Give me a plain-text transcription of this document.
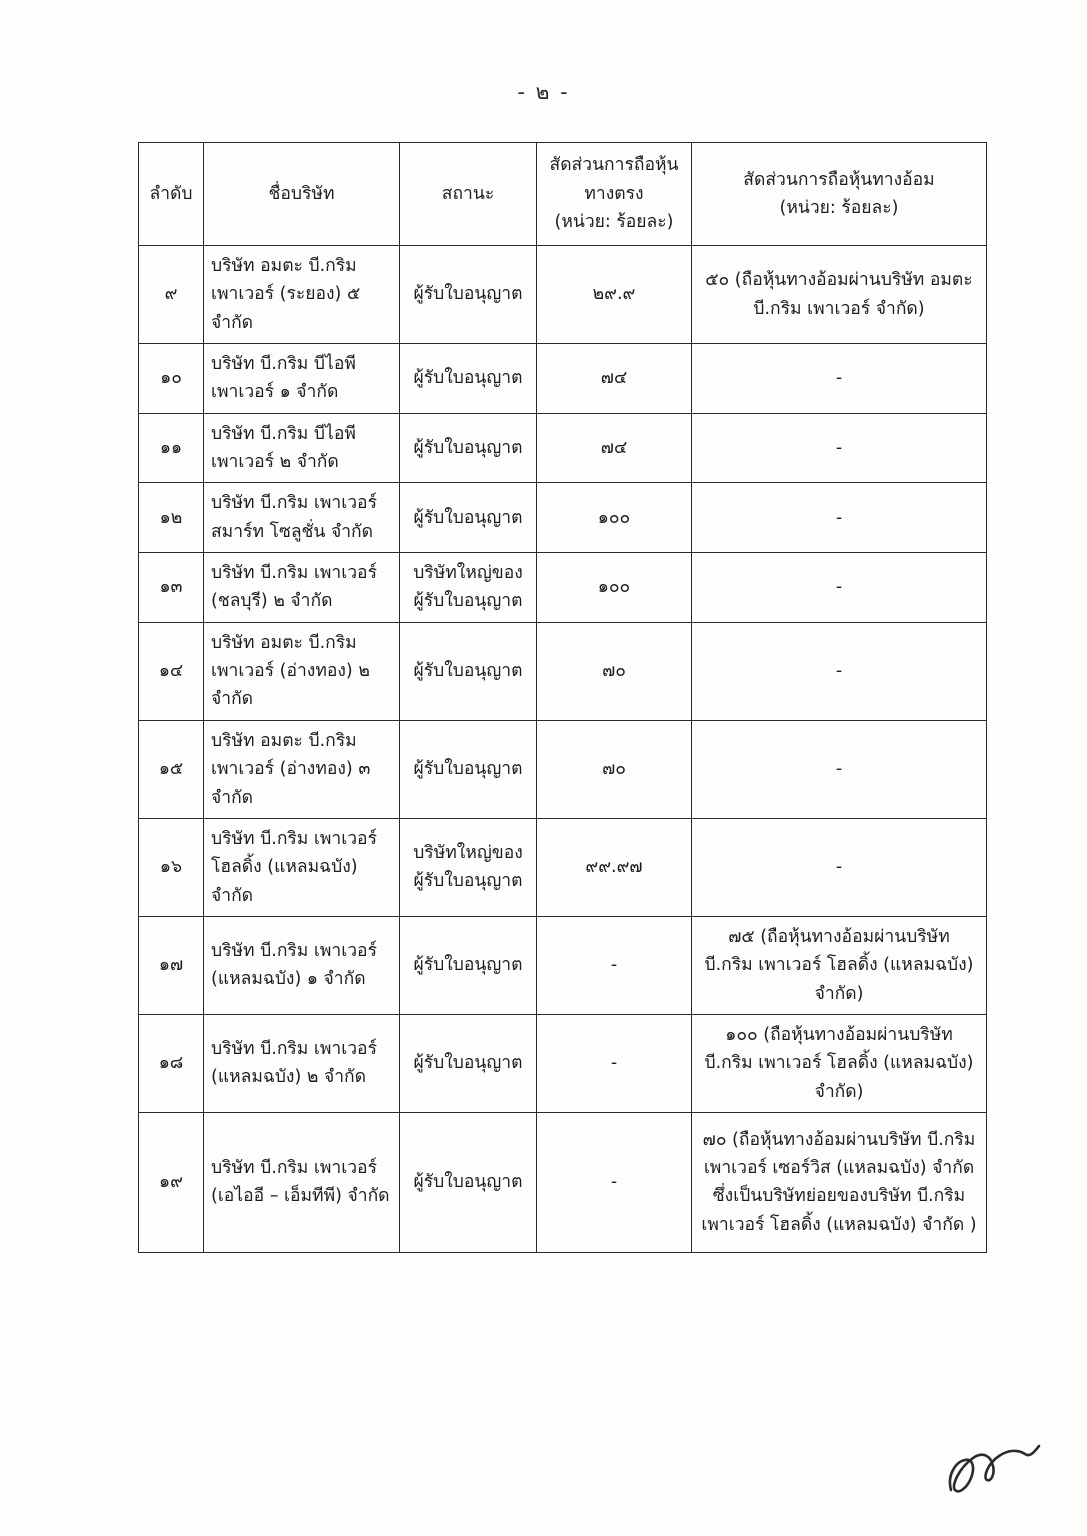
- ๒ -
ลำดับ	ชื่อบริษัท	สถานะ	สัดส่วนการถือหุ้น
ทางตรง
(หน่วย: ร้อยละ)	สัดส่วนการถือหุ้นทางอ้อม
(หน่วย: ร้อยละ)

๙	บริษัท อมตะ บี.กริม
เพาเวอร์ (ระยอง) ๕
จำกัด	ผู้รับใบอนุญาต	๒๙.๙	๕๐ (ถือหุ้นทางอ้อมผ่านบริษัท อมตะ
บี.กริม เพาเวอร์ จำกัด)

๑๐	บริษัท บี.กริม บีไอพี
เพาเวอร์ ๑ จำกัด	ผู้รับใบอนุญาต	๗๔	-

๑๑	บริษัท บี.กริม บีไอพี
เพาเวอร์ ๒ จำกัด	ผู้รับใบอนุญาต	๗๔	-

๑๒	บริษัท บี.กริม เพาเวอร์
สมาร์ท โซลูชั่น จำกัด	ผู้รับใบอนุญาต	๑๐๐	-

๑๓	บริษัท บี.กริม เพาเวอร์
(ชลบุรี) ๒ จำกัด	บริษัทใหญ่ของ
ผู้รับใบอนุญาต	๑๐๐	-

๑๔	บริษัท อมตะ บี.กริม
เพาเวอร์ (อ่างทอง) ๒
จำกัด	ผู้รับใบอนุญาต	๗๐	-

๑๕	บริษัท อมตะ บี.กริม
เพาเวอร์ (อ่างทอง) ๓
จำกัด	ผู้รับใบอนุญาต	๗๐	-

๑๖	บริษัท บี.กริม เพาเวอร์
โฮลดิ้ง (แหลมฉบัง)
จำกัด	บริษัทใหญ่ของ
ผู้รับใบอนุญาต	๙๙.๙๗	-

๑๗	บริษัท บี.กริม เพาเวอร์
(แหลมฉบัง) ๑ จำกัด	ผู้รับใบอนุญาต	-	๗๕ (ถือหุ้นทางอ้อมผ่านบริษัท
บี.กริม เพาเวอร์ โฮลดิ้ง (แหลมฉบัง)
จำกัด)

๑๘	บริษัท บี.กริม เพาเวอร์
(แหลมฉบัง) ๒ จำกัด	ผู้รับใบอนุญาต	-	๑๐๐ (ถือหุ้นทางอ้อมผ่านบริษัท
บี.กริม เพาเวอร์ โฮลดิ้ง (แหลมฉบัง)
จำกัด)

๑๙	บริษัท บี.กริม เพาเวอร์
(เอไออี – เอ็มทีพี) จำกัด	ผู้รับใบอนุญาต	-	๗๐ (ถือหุ้นทางอ้อมผ่านบริษัท บี.กริม
เพาเวอร์ เซอร์วิส (แหลมฉบัง) จำกัด
ซึ่งเป็นบริษัทย่อยของบริษัท บี.กริม
เพาเวอร์ โฮลดิ้ง (แหลมฉบัง) จำกัด )
